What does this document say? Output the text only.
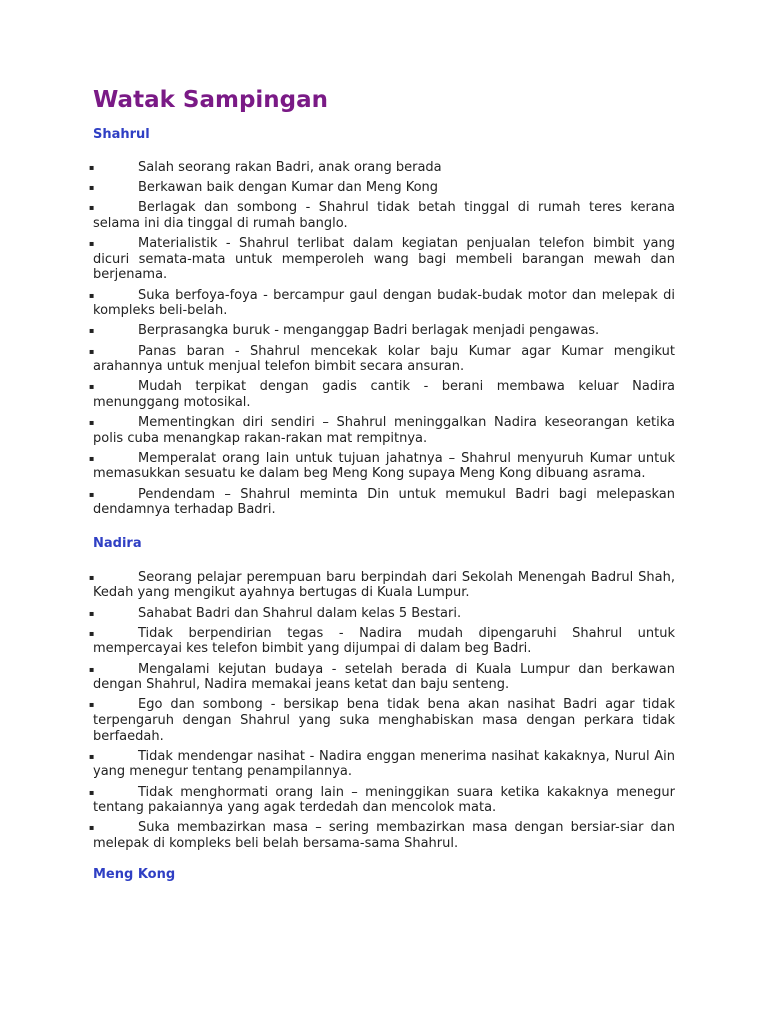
Watak Sampingan
Shahrul
▪	Salah seorang rakan Badri, anak orang berada
▪	Berkawan baik dengan Kumar dan Meng Kong
▪	Berlagak dan sombong - Shahrul tidak betah tinggal di rumah teres kerana selama ini dia tinggal di rumah banglo.
▪	Materialistik - Shahrul terlibat dalam kegiatan penjualan telefon bimbit yang dicuri semata-mata untuk memperoleh wang bagi membeli barangan mewah dan berjenama.
▪	Suka berfoya-foya - bercampur gaul dengan budak-budak motor dan melepak di kompleks beli-belah.
▪	Berprasangka buruk - menganggap Badri berlagak menjadi pengawas.
▪	Panas baran - Shahrul mencekak kolar baju Kumar agar Kumar mengikut arahannya untuk menjual telefon bimbit secara ansuran.
▪	Mudah terpikat dengan gadis cantik - berani membawa keluar Nadira menunggang motosikal.
▪	Mementingkan diri sendiri – Shahrul meninggalkan Nadira keseorangan ketika polis cuba menangkap rakan-rakan mat rempitnya.
▪	Memperalat orang lain untuk tujuan jahatnya – Shahrul menyuruh Kumar untuk memasukkan sesuatu ke dalam beg Meng Kong supaya Meng Kong dibuang asrama.
▪	Pendendam – Shahrul meminta Din untuk memukul Badri bagi melepaskan dendamnya terhadap Badri.
Nadira
▪	Seorang pelajar perempuan baru berpindah dari Sekolah Menengah Badrul Shah, Kedah yang mengikut ayahnya bertugas di Kuala Lumpur.
▪	Sahabat Badri dan Shahrul dalam kelas 5 Bestari.
▪	Tidak berpendirian tegas - Nadira mudah dipengaruhi Shahrul untuk mempercayai kes telefon bimbit yang dijumpai di dalam beg Badri.
▪	Mengalami kejutan budaya - setelah berada di Kuala Lumpur dan berkawan dengan Shahrul, Nadira memakai jeans ketat dan baju senteng.
▪	Ego dan sombong - bersikap bena tidak bena akan nasihat Badri agar tidak terpengaruh dengan Shahrul yang suka menghabiskan masa dengan perkara tidak berfaedah.
▪	Tidak mendengar nasihat - Nadira enggan menerima nasihat kakaknya, Nurul Ain yang menegur tentang penampilannya.
▪	Tidak menghormati orang lain – meninggikan suara ketika kakaknya menegur tentang pakaiannya yang agak terdedah dan mencolok mata.
▪	Suka membazirkan masa – sering membazirkan masa dengan bersiar-siar dan melepak di kompleks beli belah bersama-sama Shahrul.
Meng Kong
